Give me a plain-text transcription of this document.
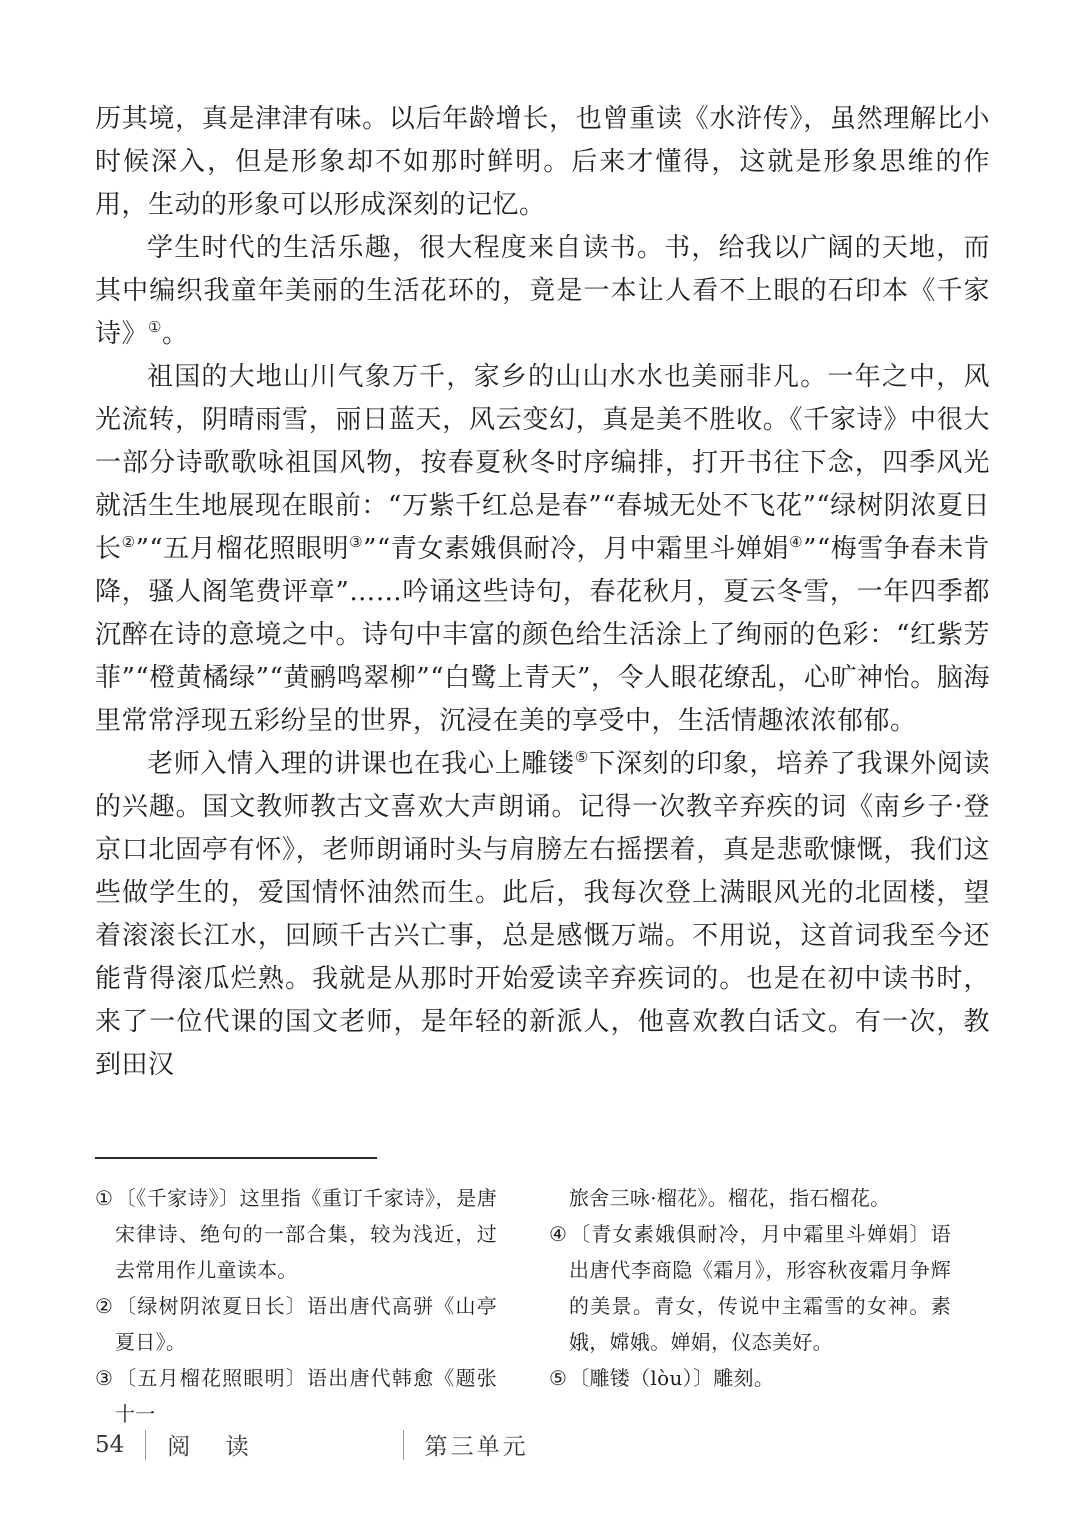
历其境，真是津津有味。以后年龄增长，也曾重读《水浒传》，虽然理解比小时候深入，但是形象却不如那时鲜明。后来才懂得，这就是形象思维的作用，生动的形象可以形成深刻的记忆。

学生时代的生活乐趣，很大程度来自读书。书，给我以广阔的天地，而其中编织我童年美丽的生活花环的，竟是一本让人看不上眼的石印本《千家诗》①。

祖国的大地山川气象万千，家乡的山山水水也美丽非凡。一年之中，风光流转，阴晴雨雪，丽日蓝天，风云变幻，真是美不胜收。《千家诗》中很大一部分诗歌歌咏祖国风物，按春夏秋冬时序编排，打开书往下念，四季风光就活生生地展现在眼前：“万紫千红总是春”“春城无处不飞花”“绿树阴浓夏日长②”“五月榴花照眼明③”“青女素娥俱耐冷，月中霜里斗婵娟④”“梅雪争春未肯降，骚人阁笔费评章”……吟诵这些诗句，春花秋月，夏云冬雪，一年四季都沉醉在诗的意境之中。诗句中丰富的颜色给生活涂上了绚丽的色彩：“红紫芳菲”“橙黄橘绿”“黄鹂鸣翠柳”“白鹭上青天”，令人眼花缭乱，心旷神怡。脑海里常常浮现五彩纷呈的世界，沉浸在美的享受中，生活情趣浓浓郁郁。

老师入情入理的讲课也在我心上雕镂⑤下深刻的印象，培养了我课外阅读的兴趣。国文教师教古文喜欢大声朗诵。记得一次教辛弃疾的词《南乡子·登京口北固亭有怀》，老师朗诵时头与肩膀左右摇摆着，真是悲歌慷慨，我们这些做学生的，爱国情怀油然而生。此后，我每次登上满眼风光的北固楼，望着滚滚长江水，回顾千古兴亡事，总是感慨万端。不用说，这首词我至今还能背得滚瓜烂熟。我就是从那时开始爱读辛弃疾词的。也是在初中读书时，来了一位代课的国文老师，是年轻的新派人，他喜欢教白话文。有一次，教到田汉

① 〔《千家诗》〕这里指《重订千家诗》，是唐宋律诗、绝句的一部合集，较为浅近，过去常用作儿童读本。

② 〔绿树阴浓夏日长〕语出唐代高骈《山亭夏日》。

③ 〔五月榴花照眼明〕语出唐代韩愈《题张十一

旅舍三咏·榴花》。榴花，指石榴花。

④ 〔青女素娥俱耐冷，月中霜里斗婵娟〕语出唐代李商隐《霜月》，形容秋夜霜月争辉的美景。青女，传说中主霜雪的女神。素娥，嫦娥。婵娟，仪态美好。

⑤ 〔雕镂（lòu）〕雕刻。

54 阅 读	第三单元
